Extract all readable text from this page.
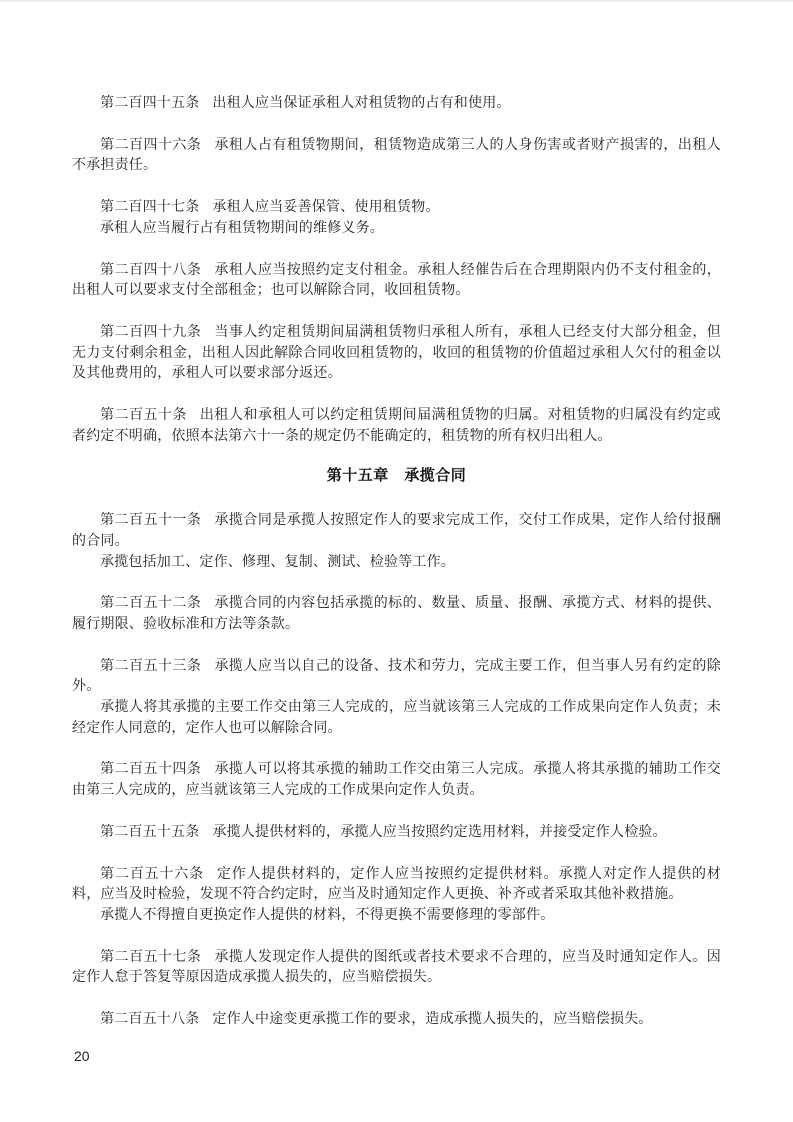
第二百四十五条 出租人应当保证承租人对租赁物的占有和使用。

第二百四十六条 承租人占有租赁物期间，租赁物造成第三人的人身伤害或者财产损害的，出租人不承担责任。

第二百四十七条 承租人应当妥善保管、使用租赁物。

承租人应当履行占有租赁物期间的维修义务。

第二百四十八条 承租人应当按照约定支付租金。承租人经催告后在合理期限内仍不支付租金的，出租人可以要求支付全部租金；也可以解除合同，收回租赁物。

第二百四十九条 当事人约定租赁期间届满租赁物归承租人所有，承租人已经支付大部分租金，但无力支付剩余租金，出租人因此解除合同收回租赁物的，收回的租赁物的价值超过承租人欠付的租金以及其他费用的，承租人可以要求部分返还。

第二百五十条 出租人和承租人可以约定租赁期间届满租赁物的归属。对租赁物的归属没有约定或者约定不明确，依照本法第六十一条的规定仍不能确定的，租赁物的所有权归出租人。

第十五章　承揽合同

第二百五十一条 承揽合同是承揽人按照定作人的要求完成工作，交付工作成果，定作人给付报酬的合同。

承揽包括加工、定作、修理、复制、测试、检验等工作。

第二百五十二条 承揽合同的内容包括承揽的标的、数量、质量、报酬、承揽方式、材料的提供、履行期限、验收标准和方法等条款。

第二百五十三条 承揽人应当以自己的设备、技术和劳力，完成主要工作，但当事人另有约定的除外。

承揽人将其承揽的主要工作交由第三人完成的，应当就该第三人完成的工作成果向定作人负责；未经定作人同意的，定作人也可以解除合同。

第二百五十四条 承揽人可以将其承揽的辅助工作交由第三人完成。承揽人将其承揽的辅助工作交由第三人完成的，应当就该第三人完成的工作成果向定作人负责。

第二百五十五条 承揽人提供材料的，承揽人应当按照约定选用材料，并接受定作人检验。

第二百五十六条 定作人提供材料的，定作人应当按照约定提供材料。承揽人对定作人提供的材料，应当及时检验，发现不符合约定时，应当及时通知定作人更换、补齐或者采取其他补救措施。

承揽人不得擅自更换定作人提供的材料，不得更换不需要修理的零部件。

第二百五十七条 承揽人发现定作人提供的图纸或者技术要求不合理的，应当及时通知定作人。因定作人怠于答复等原因造成承揽人损失的，应当赔偿损失。

第二百五十八条 定作人中途变更承揽工作的要求，造成承揽人损失的，应当赔偿损失。

20
